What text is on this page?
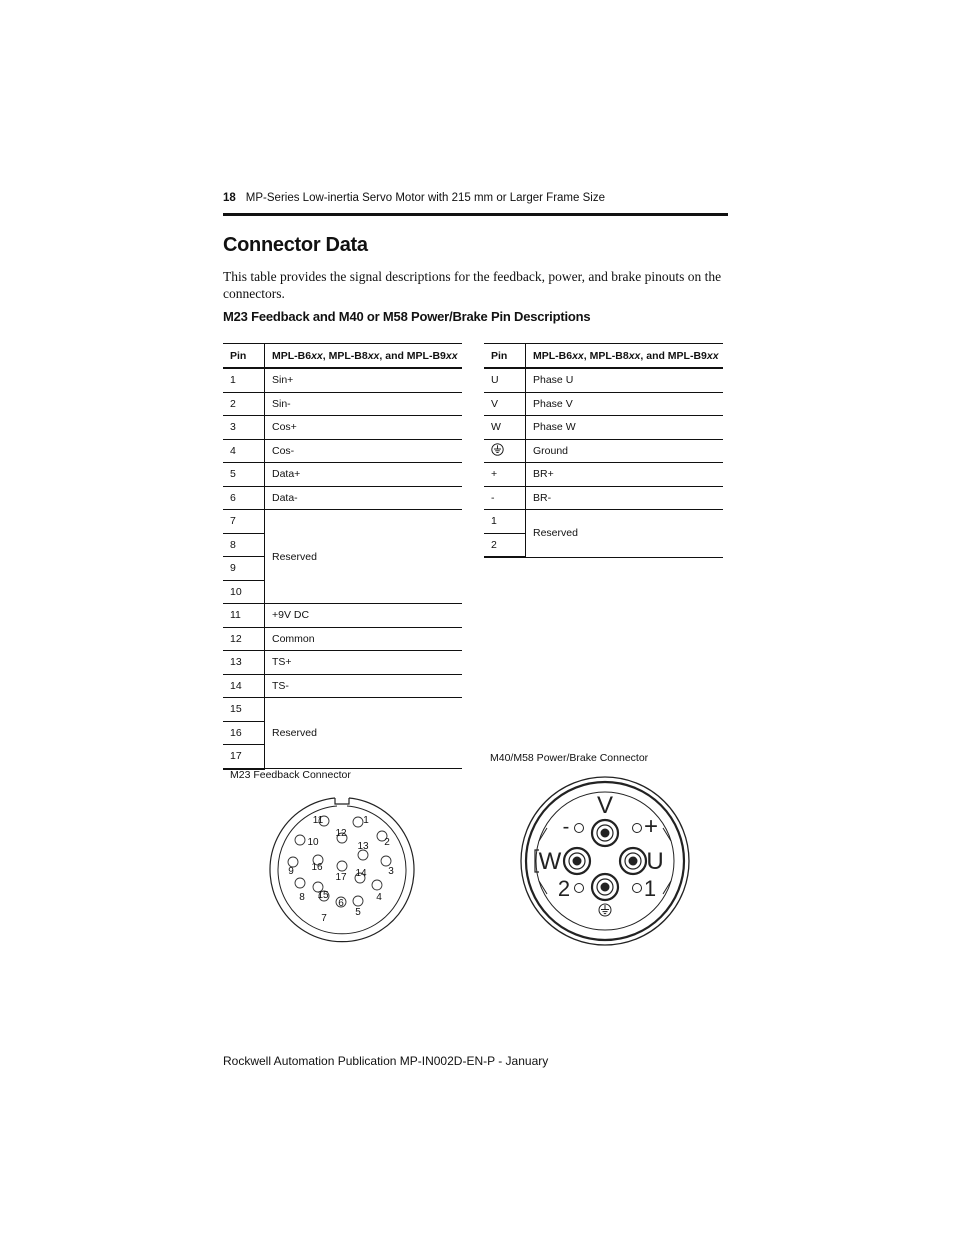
18 MP-Series Low-inertia Servo Motor with 215 mm or Larger Frame Size
Connector Data
This table provides the signal descriptions for the feedback, power, and brake pinouts on the connectors.
M23 Feedback and M40 or M58 Power/Brake Pin Descriptions
Pin	MPL-B6xx, MPL-B8xx, and MPL-B9xx
1	Sin+
2	Sin-
3	Cos+
4	Cos-
5	Data+
6	Data-
7	Reserved
8	
9	
10	
11	+9V DC
12	Common
13	TS+
14	TS-
15	Reserved
16	
17	
Pin	MPL-B6xx, MPL-B8xx, and MPL-B9xx
U	Phase U
V	Phase V
W	Phase W
	Ground
+	BR+
-	BR-
1	Reserved
2	
M23 Feedback Connector
M40/M58 Power/Brake Connector
1
2
3
4
5
6
7
8
9
10
11
12
13
14
15
16
17
V
W	U
-	+
2	1
Rockwell Automation Publication MP-IN002D-EN-P - January
